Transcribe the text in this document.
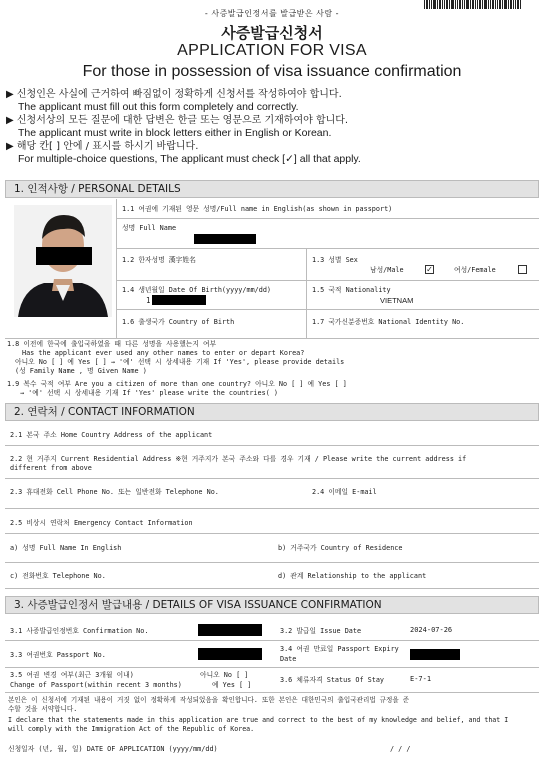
- 사증발급인정서를 발급받은 사람 -
사증발급신청서
APPLICATION FOR VISA
For those in possession of visa issuance confirmation
▶ 신청인은 사실에 근거하여 빠짐없이 정확하게 신청서를 작성하여야 합니다.
The applicant must fill out this form completely and correctly.
▶ 신청서상의 모든 질문에 대한 답변은 한글 또는 영문으로 기재하여야 합니다.
The applicant must write in block letters either in English or Korean.
▶ 해당 칸[ ] 안에 / 표시를 하시기 바랍니다.
For multiple-choice questions, The applicant must check [✓] all that apply.
1. 인적사항 / PERSONAL DETAILS
1.1 여권에 기재된 영문 성명/Full name in English(as shown in passport)
성명 Full Name
1.2 한자성명 漢字姓名	1.3 성별 Sex
남성/Male	✓	여성/Female
1.4 생년월일 Date Of Birth(yyyy/mm/dd)
1
1.5 국적 Nationality
VIETNAM
1.6 출생국가 Country of Birth	1.7 국가신분증번호 National Identity No.
1.8 이전에 한국에 출입국하였을 때 다른 성명을 사용했는지 여부
Has the applicant ever used any other names to enter or depart Korea?
아니오 No [ ] 예 Yes [ ] → '예' 선택 시 상세내용 기재 If 'Yes', please provide details
(성 Family Name , 명 Given Name )
1.9 복수 국적 여부 Are you a citizen of more than one country? 아니오 No [ ] 예 Yes [ ]
→ '예' 선택 시 상세내용 기재 If 'Yes' please write the countries( )
2. 연락처 / CONTACT INFORMATION
2.1 본국 주소 Home Country Address of the applicant
2.2 현 거주지 Current Residential Address ※현 거주지가 본국 주소와 다를 경우 기재 / Please write the current address if
different from above
2.3 휴대전화 Cell Phone No. 또는 일반전화 Telephone No.	2.4 이메일 E-mail
2.5 비상시 연락처 Emergency Contact Information
a) 성명 Full Name In English	b) 거주국가 Country of Residence
c) 전화번호 Telephone No.	d) 관계 Relationship to the applicant
3. 사증발급인정서 발급내용 / DETAILS OF VISA ISSUANCE CONFIRMATION
3.1 사증발급인정번호 Confirmation No.	3.2 발급일 Issue Date	2024-07-26
3.3 여권번호 Passport No.
3.4 여권 만료일 Passport Expiry
Date
3.5 여권 변경 여부(최근 3개월 이내)
Change of Passport(within recent 3 months)
아니오 No [ ]
예 Yes [ ]
3.6 체류자격 Status Of Stay	E-7-1
본인은 이 신청서에 기재된 내용이 거짓 없이 정확하게 작성되었음을 확인합니다. 또한 본인은 대한민국의 출입국관리법 규정을 준
수할 것을 서약합니다.
I declare that the statements made in this application are true and correct to the best of my knowledge and belief, and that I
will comply with the Immigration Act of the Republic of Korea.
신청일자 (년, 월, 일) DATE OF APPLICATION (yyyy/mm/dd)	/ / /
